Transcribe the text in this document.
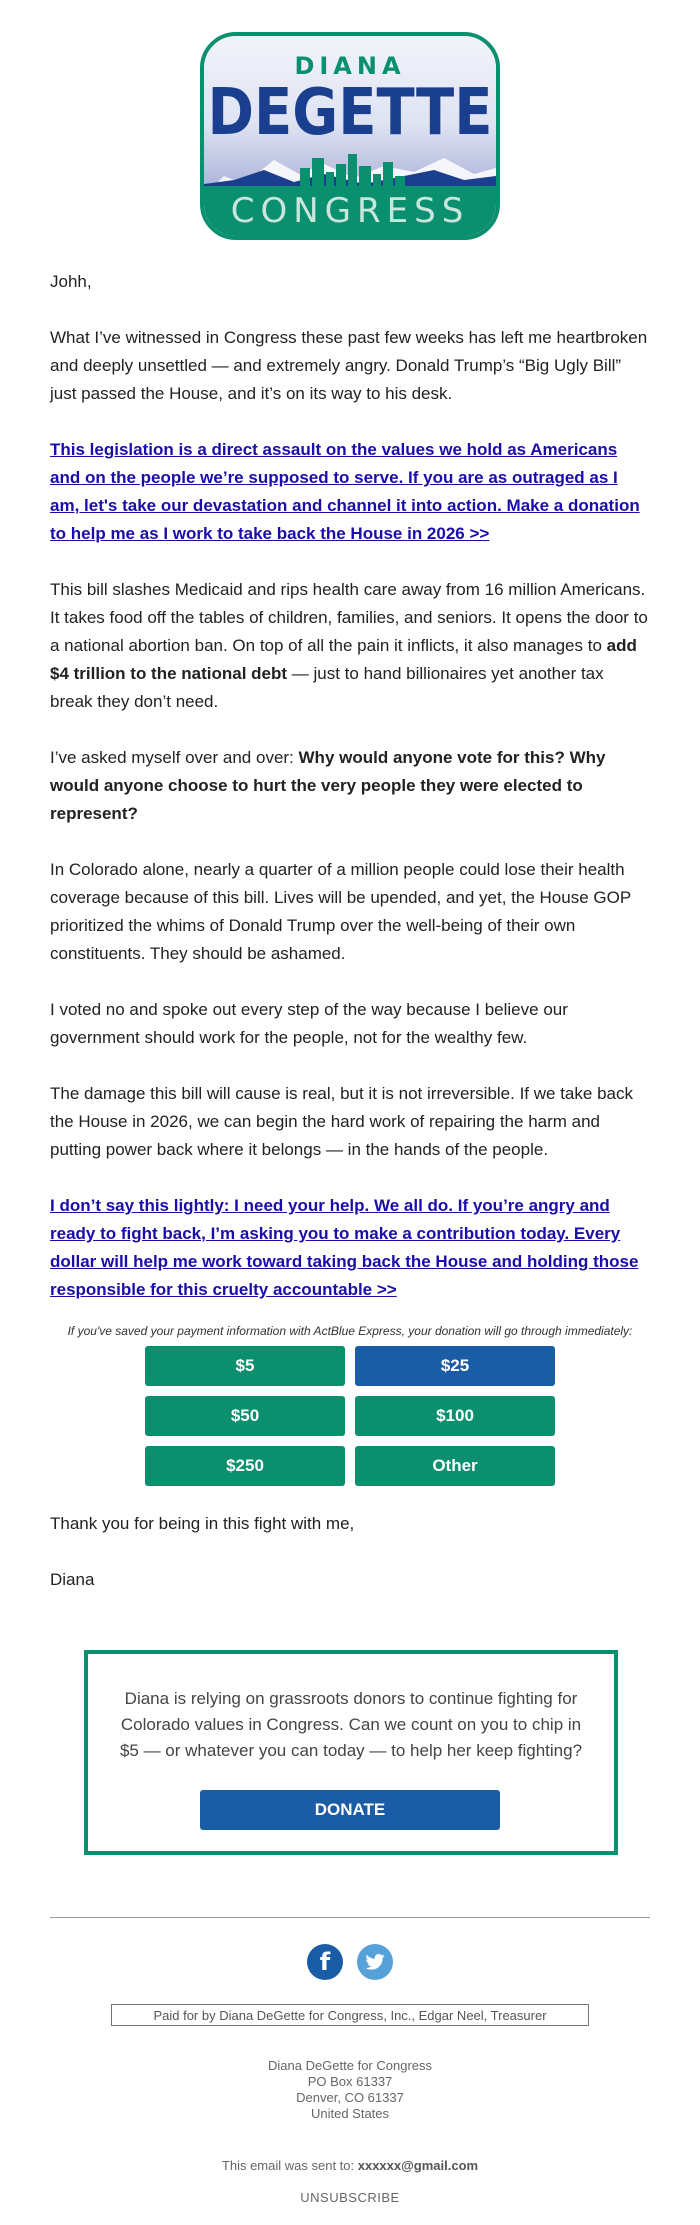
DIANA
DEGETTE
CONGRESS

Johh,

What I’ve witnessed in Congress these past few weeks has left me heartbroken and deeply unsettled — and extremely angry. Donald Trump’s “Big Ugly Bill” just passed the House, and it’s on its way to his desk.

This legislation is a direct assault on the values we hold as Americans and on the people we’re supposed to serve. If you are as outraged as I am, let's take our devastation and channel it into action. Make a donation to help me as I work to take back the House in 2026 >>

This bill slashes Medicaid and rips health care away from 16 million Americans. It takes food off the tables of children, families, and seniors. It opens the door to a national abortion ban. On top of all the pain it inflicts, it also manages to add $4 trillion to the national debt — just to hand billionaires yet another tax break they don’t need.

I’ve asked myself over and over: Why would anyone vote for this? Why would anyone choose to hurt the very people they were elected to represent?

In Colorado alone, nearly a quarter of a million people could lose their health coverage because of this bill. Lives will be upended, and yet, the House GOP prioritized the whims of Donald Trump over the well-being of their own constituents. They should be ashamed.

I voted no and spoke out every step of the way because I believe our government should work for the people, not for the wealthy few.

The damage this bill will cause is real, but it is not irreversible. If we take back the House in 2026, we can begin the hard work of repairing the harm and putting power back where it belongs — in the hands of the people.

I don’t say this lightly: I need your help. We all do. If you’re angry and ready to fight back, I’m asking you to make a contribution today. Every dollar will help me work toward taking back the House and holding those responsible for this cruelty accountable >>

If you've saved your payment information with ActBlue Express, your donation will go through immediately:
$5	$25
$50	$100
$250	Other

Thank you for being in this fight with me,

Diana

Diana is relying on grassroots donors to continue fighting for Colorado values in Congress. Can we count on you to chip in $5 — or whatever you can today — to help her keep fighting?
DONATE
f
Paid for by Diana DeGette for Congress, Inc., Edgar Neel, Treasurer
Diana DeGette for Congress
PO Box 61337
Denver, CO 61337
United States
This email was sent to: xxxxxx@gmail.com
UNSUBSCRIBE
